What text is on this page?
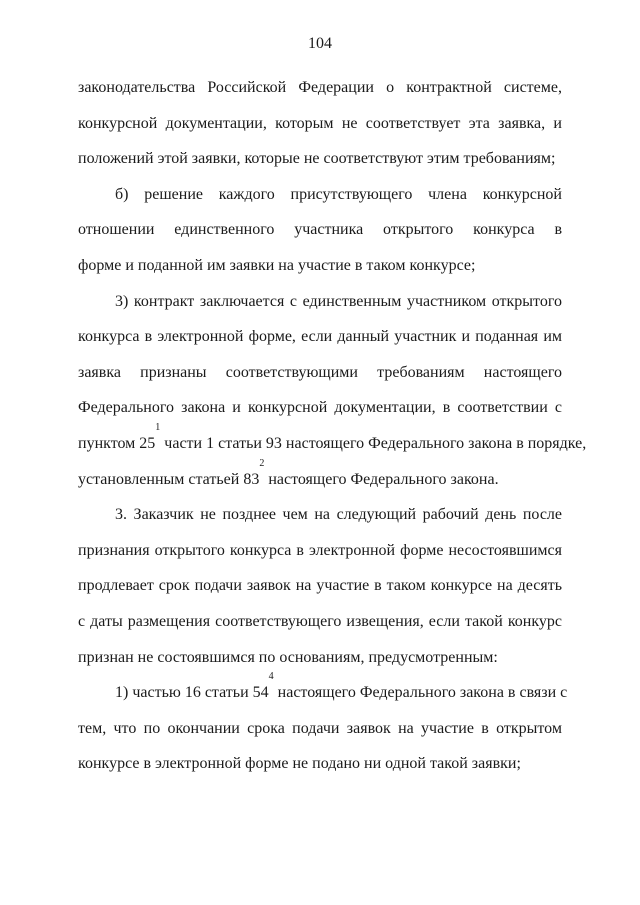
104
законодательства Российской Федерации о контрактной системе,
конкурсной документации, которым не соответствует эта заявка, и
положений этой заявки, которые не соответствуют этим требованиям;
б) решение каждого присутствующего члена конкурсной
отношении единственного участника открытого конкурса в
форме и поданной им заявки на участие в таком конкурсе;
3) контракт заключается с единственным участником открытого
конкурса в электронной форме, если данный участник и поданная им
заявка признаны соответствующими требованиям настоящего
Федерального закона и конкурсной документации, в соответствии с
пунктом $25^1$ части 1 статьи 93 настоящего Федерального закона в порядке,
установленным статьей $83^2$ настоящего Федерального закона.
3. Заказчик не позднее чем на следующий рабочий день после
признания открытого конкурса в электронной форме несостоявшимся
продлевает срок подачи заявок на участие в таком конкурсе на десять
с даты размещения соответствующего извещения, если такой конкурс
признан не состоявшимся по основаниям, предусмотренным:
1) частью 16 статьи $54^4$ настоящего Федерального закона в связи с
тем, что по окончании срока подачи заявок на участие в открытом
конкурсе в электронной форме не подано ни одной такой заявки;
